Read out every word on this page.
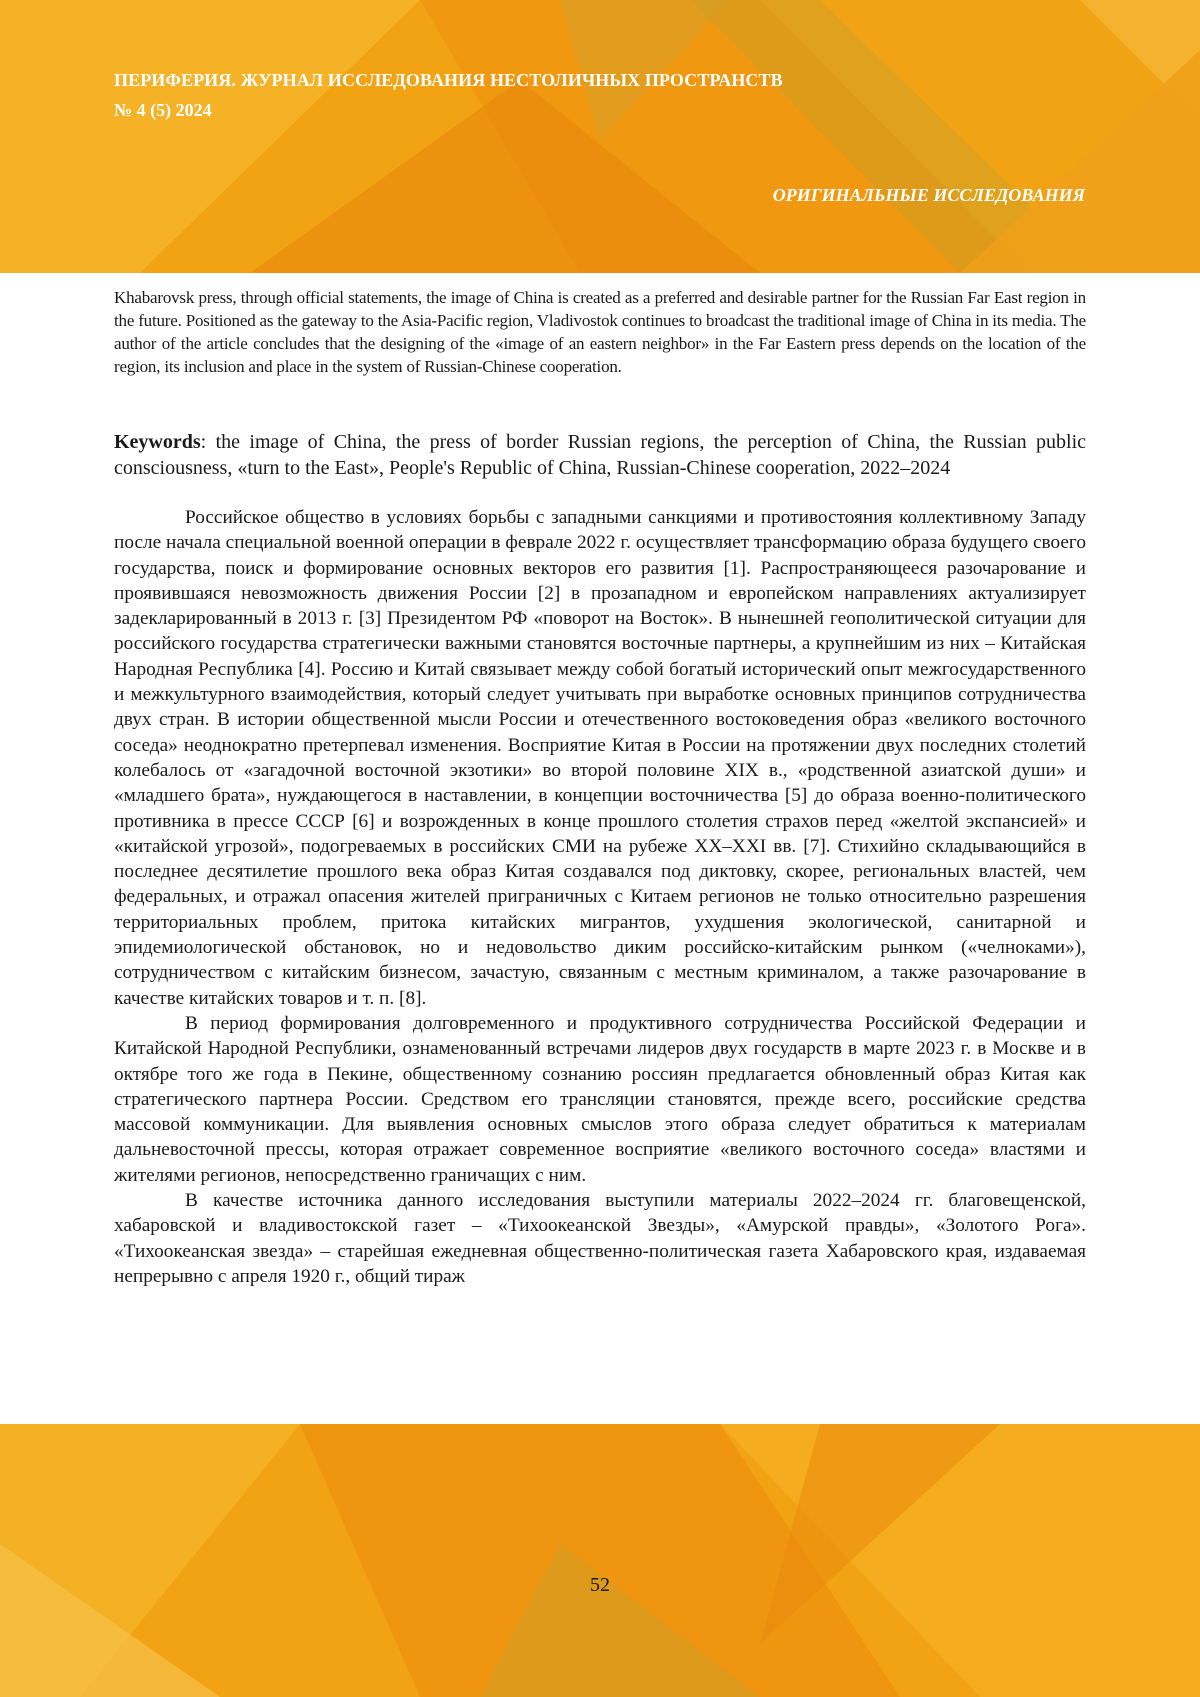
ПЕРИФЕРИЯ. ЖУРНАЛ ИССЛЕДОВАНИЯ НЕСТОЛИЧНЫХ ПРОСТРАНСТВ
№ 4 (5) 2024
ОРИГИНАЛЬНЫЕ ИССЛЕДОВАНИЯ

Khabarovsk press, through official statements, the image of China is created as a preferred and desirable partner for the Russian Far East region in the future. Positioned as the gateway to the Asia-Pacific region, Vladivostok continues to broadcast the traditional image of China in its media. The author of the article concludes that the designing of the «image of an eastern neighbor» in the Far Eastern press depends on the location of the region, its inclusion and place in the system of Russian-Chinese cooperation.

Keywords: the image of China, the press of border Russian regions, the perception of China, the Russian public consciousness, «turn to the East», People's Republic of China, Russian-Chinese cooperation, 2022–2024

Российское общество в условиях борьбы с западными санкциями и противостояния коллективному Западу после начала специальной военной операции в феврале 2022 г. осуществляет трансформацию образа будущего своего государства, поиск и формирование основных векторов его развития [1]. Распространяющееся разочарование и проявившаяся невозможность движения России [2] в прозападном и европейском направлениях актуализирует задекларированный в 2013 г. [3] Президентом РФ «поворот на Восток». В нынешней геополитической ситуации для российского государства стратегически важными становятся восточные партнеры, а крупнейшим из них – Китайская Народная Республика [4]. Россию и Китай связывает между собой богатый исторический опыт межгосударственного и межкультурного взаимодействия, который следует учитывать при выработке основных принципов сотрудничества двух стран. В истории общественной мысли России и отечественного востоковедения образ «великого восточного соседа» неоднократно претерпевал изменения. Восприятие Китая в России на протяжении двух последних столетий колебалось от «загадочной восточной экзотики» во второй половине XIX в., «родственной азиатской души» и «младшего брата», нуждающегося в наставлении, в концепции восточничества [5] до образа военно-политического противника в прессе СССР [6] и возрожденных в конце прошлого столетия страхов перед «желтой экспансией» и «китайской угрозой», подогреваемых в российских СМИ на рубеже XX–XXI вв. [7]. Стихийно складывающийся в последнее десятилетие прошлого века образ Китая создавался под диктовку, скорее, региональных властей, чем федеральных, и отражал опасения жителей приграничных с Китаем регионов не только относительно разрешения территориальных проблем, притока китайских мигрантов, ухудшения экологической, санитарной и эпидемиологической обстановок, но и недовольство диким российско-китайским рынком («челноками»), сотрудничеством с китайским бизнесом, зачастую, связанным с местным криминалом, а также разочарование в качестве китайских товаров и т. п. [8].

В период формирования долговременного и продуктивного сотрудничества Российской Федерации и Китайской Народной Республики, ознаменованный встречами лидеров двух государств в марте 2023 г. в Москве и в октябре того же года в Пекине, общественному сознанию россиян предлагается обновленный образ Китая как стратегического партнера России. Средством его трансляции становятся, прежде всего, российские средства массовой коммуникации. Для выявления основных смыслов этого образа следует обратиться к материалам дальневосточной прессы, которая отражает современное восприятие «великого восточного соседа» властями и жителями регионов, непосредственно граничащих с ним.

В качестве источника данного исследования выступили материалы 2022–2024 гг. благовещенской, хабаровской и владивостокской газет – «Тихоокеанской Звезды», «Амурской правды», «Золотого Рога». «Тихоокеанская звезда» – старейшая ежедневная общественно-политическая газета Хабаровского края, издаваемая непрерывно с апреля 1920 г., общий тираж

52
